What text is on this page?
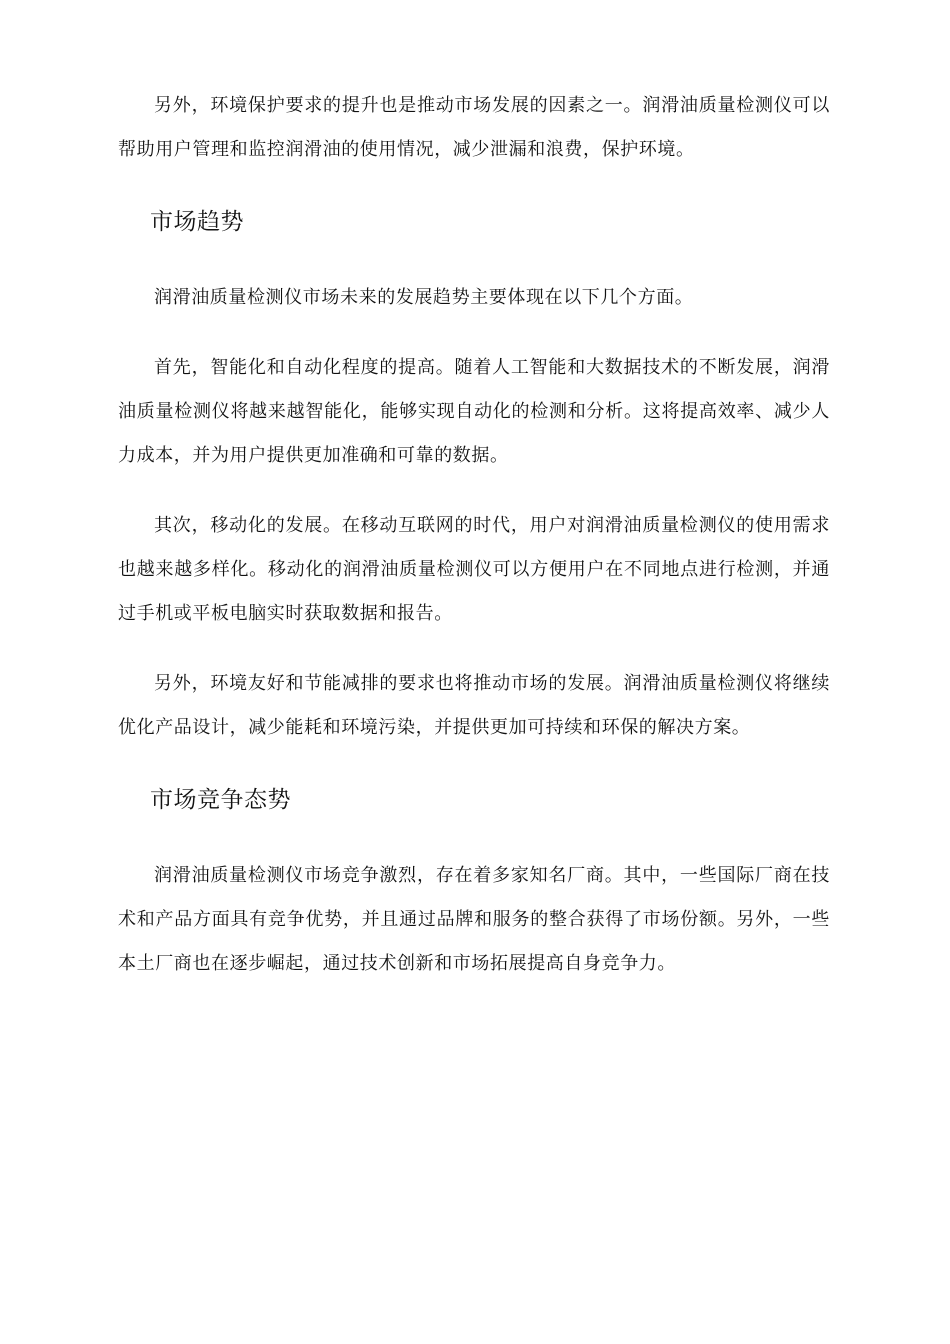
另外，环境保护要求的提升也是推动市场发展的因素之一。润滑油质量检测仪可以帮助用户管理和监控润滑油的使用情况，减少泄漏和浪费，保护环境。

市场趋势

润滑油质量检测仪市场未来的发展趋势主要体现在以下几个方面。

首先，智能化和自动化程度的提高。随着人工智能和大数据技术的不断发展，润滑油质量检测仪将越来越智能化，能够实现自动化的检测和分析。这将提高效率、减少人力成本，并为用户提供更加准确和可靠的数据。

其次，移动化的发展。在移动互联网的时代，用户对润滑油质量检测仪的使用需求也越来越多样化。移动化的润滑油质量检测仪可以方便用户在不同地点进行检测，并通过手机或平板电脑实时获取数据和报告。

另外，环境友好和节能减排的要求也将推动市场的发展。润滑油质量检测仪将继续优化产品设计，减少能耗和环境污染，并提供更加可持续和环保的解决方案。

市场竞争态势

润滑油质量检测仪市场竞争激烈，存在着多家知名厂商。其中，一些国际厂商在技术和产品方面具有竞争优势，并且通过品牌和服务的整合获得了市场份额。另外，一些本土厂商也在逐步崛起，通过技术创新和市场拓展提高自身竞争力。
